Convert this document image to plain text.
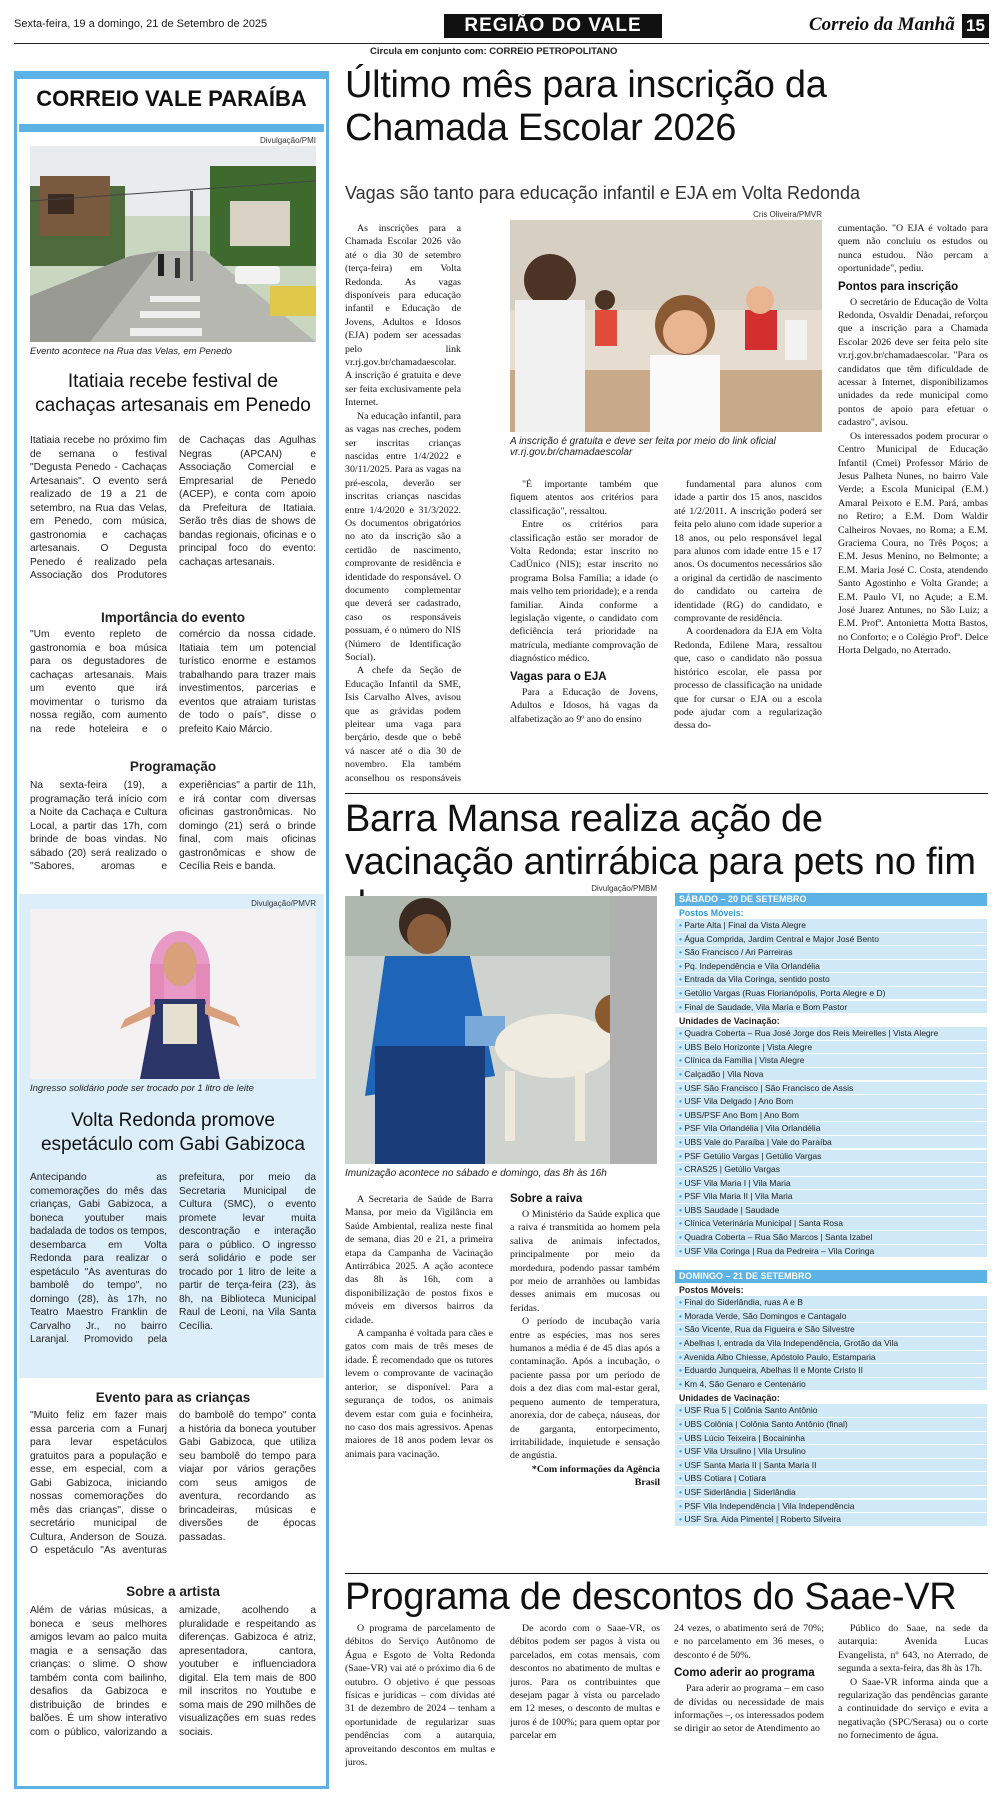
Sexta-feira, 19 a domingo, 21 de Setembro de 2025	REGIÃO DO VALE	Correio da Manhã 15
Circula em conjunto com: CORREIO PETROPOLITANO
CORREIO VALE PARAÍBA
Divulgação/PMI
Evento acontece na Rua das Velas, em Penedo
Itatiaia recebe festival de cachaças artesanais em Penedo
Itatiaia recebe no próximo fim de semana o festival "Degusta Penedo - Cachaças Artesanais". O evento será realizado de 19 a 21 de setembro, na Rua das Velas, em Penedo, com música, gastronomia e cachaças artesanais. O Degusta Penedo é realizado pela Associação dos Produtores de Cachaças das Agulhas Negras (APCAN) e Associação Comercial e Empresarial de Penedo (ACEP), e conta com apoio da Prefeitura de Itatiaia. Serão três dias de shows de bandas regionais, oficinas e o principal foco do evento: cachaças artesanais.
Importância do evento
"Um evento repleto de gastronomia e boa música para os degustadores de cachaças artesanais. Mais um evento que irá movimentar o turismo da nossa região, com aumento na rede hoteleira e o comércio da nossa cidade. Itatiaia tem um potencial turístico enorme e estamos trabalhando para trazer mais investimentos, parcerias e eventos que atraiam turistas de todo o país", disse o prefeito Kaio Márcio.
Programação
Na sexta-feira (19), a programação terá início com a Noite da Cachaça e Cultura Local, a partir das 17h, com brinde de boas vindas. No sábado (20) será realizado o "Sabores, aromas e experiências" a partir de 11h, e irá contar com diversas oficinas gastronômicas. No domingo (21) será o brinde final, com mais oficinas gastronômicas e show de Cecília Reis e banda.
Divulgação/PMVR
Ingresso solidário pode ser trocado por 1 litro de leite
Volta Redonda promove espetáculo com Gabi Gabizoca
Antecipando as comemorações do mês das crianças, Gabi Gabizoca, a boneca youtuber mais badalada de todos os tempos, desembarca em Volta Redonda para realizar o espetáculo "As aventuras do bambolê do tempo", no domingo (28), às 17h, no Teatro Maestro Franklin de Carvalho Jr., no bairro Laranjal. Promovido pela prefeitura, por meio da Secretaria Municipal de Cultura (SMC), o evento promete levar muita descontração e interação para o público. O ingresso será solidário e pode ser trocado por 1 litro de leite a partir de terça-feira (23), às 8h, na Biblioteca Municipal Raul de Leoni, na Vila Santa Cecília.
Evento para as crianças
"Muito feliz em fazer mais essa parceria com a Funarj para levar espetáculos gratuitos para a população e esse, em especial, com a Gabi Gabizoca, iniciando nossas comemorações do mês das crianças", disse o secretário municipal de Cultura, Anderson de Souza. O espetáculo "As aventuras do bambolê do tempo" conta a história da boneca youtuber Gabi Gabizoca, que utiliza seu bambolê do tempo para viajar por vários gerações com seus amigos de aventura, recordando as brincadeiras, músicas e diversões de épocas passadas.
Sobre a artista
Além de várias músicas, a boneca e seus melhores amigos levam ao palco muita magia e a sensação das crianças: o slime. O show também conta com bailinho, desafios da Gabizoca e distribuição de brindes e balões. É um show interativo com o público, valorizando a amizade, acolhendo a pluralidade e respeitando as diferenças. Gabizoca é atriz, apresentadora, cantora, youtuber e influenciadora digital. Ela tem mais de 800 mil inscritos no Youtube e soma mais de 290 milhões de visualizações em suas redes sociais.
Último mês para inscrição da Chamada Escolar 2026
Vagas são tanto para educação infantil e EJA em Volta Redonda

As inscrições para a Chamada Escolar 2026 vão até o dia 30 de setembro (terça-feira) em Volta Redonda. As vagas disponíveis para educação infantil e Educação de Jovens, Adultos e Idosos (EJA) podem ser acessadas pelo link vr.rj.gov.br/chamadaescolar. A inscrição é gratuita e deve ser feita exclusivamente pela Internet.

Na educação infantil, para as vagas nas creches, podem ser inscritas crianças nascidas entre 1/4/2022 e 30/11/2025. Para as vagas na pré-escola, deverão ser inscritas crianças nascidas entre 1/4/2020 e 31/3/2022. Os documentos obrigatórios no ato da inscrição são a certidão de nascimento, comprovante de residência e identidade do responsável. O documento complementar que deverá ser cadastrado, caso os responsáveis possuam, é o número do NIS (Número de Identificação Social).

A chefe da Seção de Educação Infantil da SME, Isis Carvalho Alves, avisou que as grávidas podem pleitear uma vaga para berçário, desde que o bebê vá nascer até o dia 30 de novembro. Ela também aconselhou os responsáveis

Cris Oliveira/PMVR
A inscrição é gratuita e deve ser feita por meio do link oficial vr.rj.gov.br/chamadaescolar

"É importante também que fiquem atentos aos critérios para classificação", ressaltou.

Entre os critérios para classificação estão ser morador de Volta Redonda; estar inscrito no CadÚnico (NIS); estar inscrito no programa Bolsa Família; a idade (o mais velho tem prioridade); e a renda familiar. Ainda conforme a legislação vigente, o candidato com deficiência terá prioridade na matrícula, mediante comprovação de diagnóstico médico.

Vagas para o EJA

Para a Educação de Jovens, Adultos e Idosos, há vagas da alfabetização ao 9º ano do ensino

fundamental para alunos com idade a partir dos 15 anos, nascidos até 1/2/2011. A inscrição poderá ser feita pelo aluno com idade superior a 18 anos, ou pelo responsável legal para alunos com idade entre 15 e 17 anos. Os documentos necessários são a original da certidão de nascimento do candidato ou carteira de identidade (RG) do candidato, e comprovante de residência.

A coordenadora da EJA em Volta Redonda, Edilene Mara, ressaltou que, caso o candidato não possua histórico escolar, ele passa por processo de classificação na unidade que for cursar o EJA ou a escola pode ajudar com a regularização dessa do-

cumentação. "O EJA é voltado para quem não concluiu os estudos ou nunca estudou. Não percam a oportunidade", pediu.

Pontos para inscrição

O secretário de Educação de Volta Redonda, Osvaldir Denadai, reforçou que a inscrição para a Chamada Escolar 2026 deve ser feita pelo site vr.rj.gov.br/chamadaescolar. "Para os candidatos que têm dificuldade de acessar à Internet, disponibilizamos unidades da rede municipal como pontos de apoio para efetuar o cadastro", avisou.

Os interessados podem procurar o Centro Municipal de Educação Infantil (Cmei) Professor Mário de Jesus Palheta Nunes, no bairro Vale Verde; a Escola Municipal (E.M.) Amaral Peixoto e E.M. Pará, ambas no Retiro; a E.M. Dom Waldir Calheiros Novaes, no Roma; a E.M. Graciema Coura, no Três Poços; a E.M. Jesus Menino, no Belmonte; a E.M. Maria José C. Costa, atendendo Santo Agostinho e Volta Grande; a E.M. Paulo VI, no Açude; a E.M. José Juarez Antunes, no São Luiz; a E.M. Profª. Antonietta Motta Bastos, no Conforto; e o Colégio Profª. Delce Horta Delgado, no Aterrado.

Barra Mansa realiza ação de vacinação antirrábica para pets no fim
Divulgação/PMBM
Imunização acontece no sábado e domingo, das 8h às 16h

A Secretaria de Saúde de Barra Mansa, por meio da Vigilância em Saúde Ambiental, realiza neste final de semana, dias 20 e 21, a primeira etapa da Campanha de Vacinação Antirrábica 2025. A ação acontece das 8h às 16h, com a disponibilização de postos fixos e móveis em diversos bairros da cidade.

A campanha é voltada para cães e gatos com mais de três meses de idade. É recomendado que os tutores levem o comprovante de vacinação anterior, se disponível. Para a segurança de todos, os animais devem estar com guia e focinheira, no caso dos mais agressivos. Apenas maiores de 18 anos podem levar os animais para vacinação.

Sobre a raiva

O Ministério da Saúde explica que a raiva é transmitida ao homem pela saliva de animais infectados, principalmente por meio da mordedura, podendo passar também por meio de arranhões ou lambidas desses animais em mucosas ou feridas.

O período de incubação varia entre as espécies, mas nos seres humanos a média é de 45 dias após a contaminação. Após a incubação, o paciente passa por um período de dois a dez dias com mal-estar geral, pequeno aumento de temperatura, anorexia, dor de cabeça, náuseas, dor de garganta, entorpecimento, irritabilidade, inquietude e sensação de angústia.

*Com informações da Agência Brasil

SÁBADO – 20 DE SETEMBRO
Postos Móveis:
• Parte Alta | Final da Vista Alegre
• Água Comprida, Jardim Central e Major José Bento
• São Francisco / Ari Parreiras
• Pq. Independência e Vila Orlandélia
• Entrada da Vila Coringa, sentido posto
• Getúlio Vargas (Ruas Florianópolis, Porta Alegre e D)
• Final de Saudade, Vila Maria e Bom Pastor
Unidades de Vacinação:
• Quadra Coberta – Rua José Jorge dos Reis Meirelles | Vista Alegre
• UBS Belo Horizonte | Vista Alegre
• Clínica da Família | Vista Alegre
• Calçadão | Vila Nova
• USF São Francisco | São Francisco de Assis
• USF Vila Delgado | Ano Bom
• UBS/PSF Ano Bom | Ano Bom
• PSF Vila Orlandélia | Vila Orlandélia
• UBS Vale do Paraíba | Vale do Paraíba
• PSF Getúlio Vargas | Getúlio Vargas
• CRAS25 | Getúlio Vargas
• USF Vila Maria I | Vila Maria
• PSF Vila Maria II | Vila Maria
• UBS Saudade | Saudade
• Clínica Veterinária Municipal | Santa Rosa
• Quadra Coberta – Rua São Marcos | Santa Izabel
• USF Vila Coringa | Rua da Pedreira – Vila Coringa
DOMINGO – 21 DE SETEMBRO
Postos Móveis:
• Final do Siderlândia, ruas A e B
• Morada Verde, São Domingos e Cantagalo
• São Vicente, Rua da Figueira e São Silvestre
• Abelhas I, entrada da Vila Independência, Grotão da Vila
• Avenida Albo Chiesse, Apóstolo Paulo, Estamparia
• Eduardo Junqueira, Abelhas II e Monte Cristo II
• Km 4, São Genaro e Centenário
Unidades de Vacinação:
• USF Rua 5 | Colônia Santo Antônio
• UBS Colônia | Colônia Santo Antônio (final)
• UBS Lúcio Teixeira | Bocaininha
• USF Vila Ursulino | Vila Ursulino
• USF Santa Maria II | Santa Maria II
• UBS Cotiara | Cotiara
• USF Siderlândia | Siderlândia
• PSF Vila Independência | Vila Independência
• USF Sra. Aida Pimentel | Roberto Silveira
Programa de descontos do Saae-VR

O programa de parcelamento de débitos do Serviço Autônomo de Água e Esgoto de Volta Redonda (Saae-VR) vai até o próximo dia 6 de outubro. O objetivo é que pessoas físicas e jurídicas – com dívidas até 31 de dezembro de 2024 – tenham a oportunidade de regularizar suas pendências com a autarquia, aproveitando descontos em multas e juros.

De acordo com o Saae-VR, os débitos podem ser pagos à vista ou parcelados, em cotas mensais, com descontos no abatimento de multas e juros. Para os contribuintes que desejam pagar à vista ou parcelado em 12 meses, o desconto de multas e juros é de 100%; para quem optar por parcelar em

24 vezes, o abatimento será de 70%; e no parcelamento em 36 meses, o desconto é de 50%.

Como aderir ao programa

Para aderir ao programa – em caso de dívidas ou necessidade de mais informações –, os interessados podem se dirigir ao setor de Atendimento ao

Público do Saae, na sede da autarquia: Avenida Lucas Evangelista, nº 643, no Aterrado, de segunda a sexta-feira, das 8h às 17h.

O Saae-VR informa ainda que a regularização das pendências garante a continuidade do serviço e evita a negativação (SPC/Serasa) ou o corte no fornecimento de água.
